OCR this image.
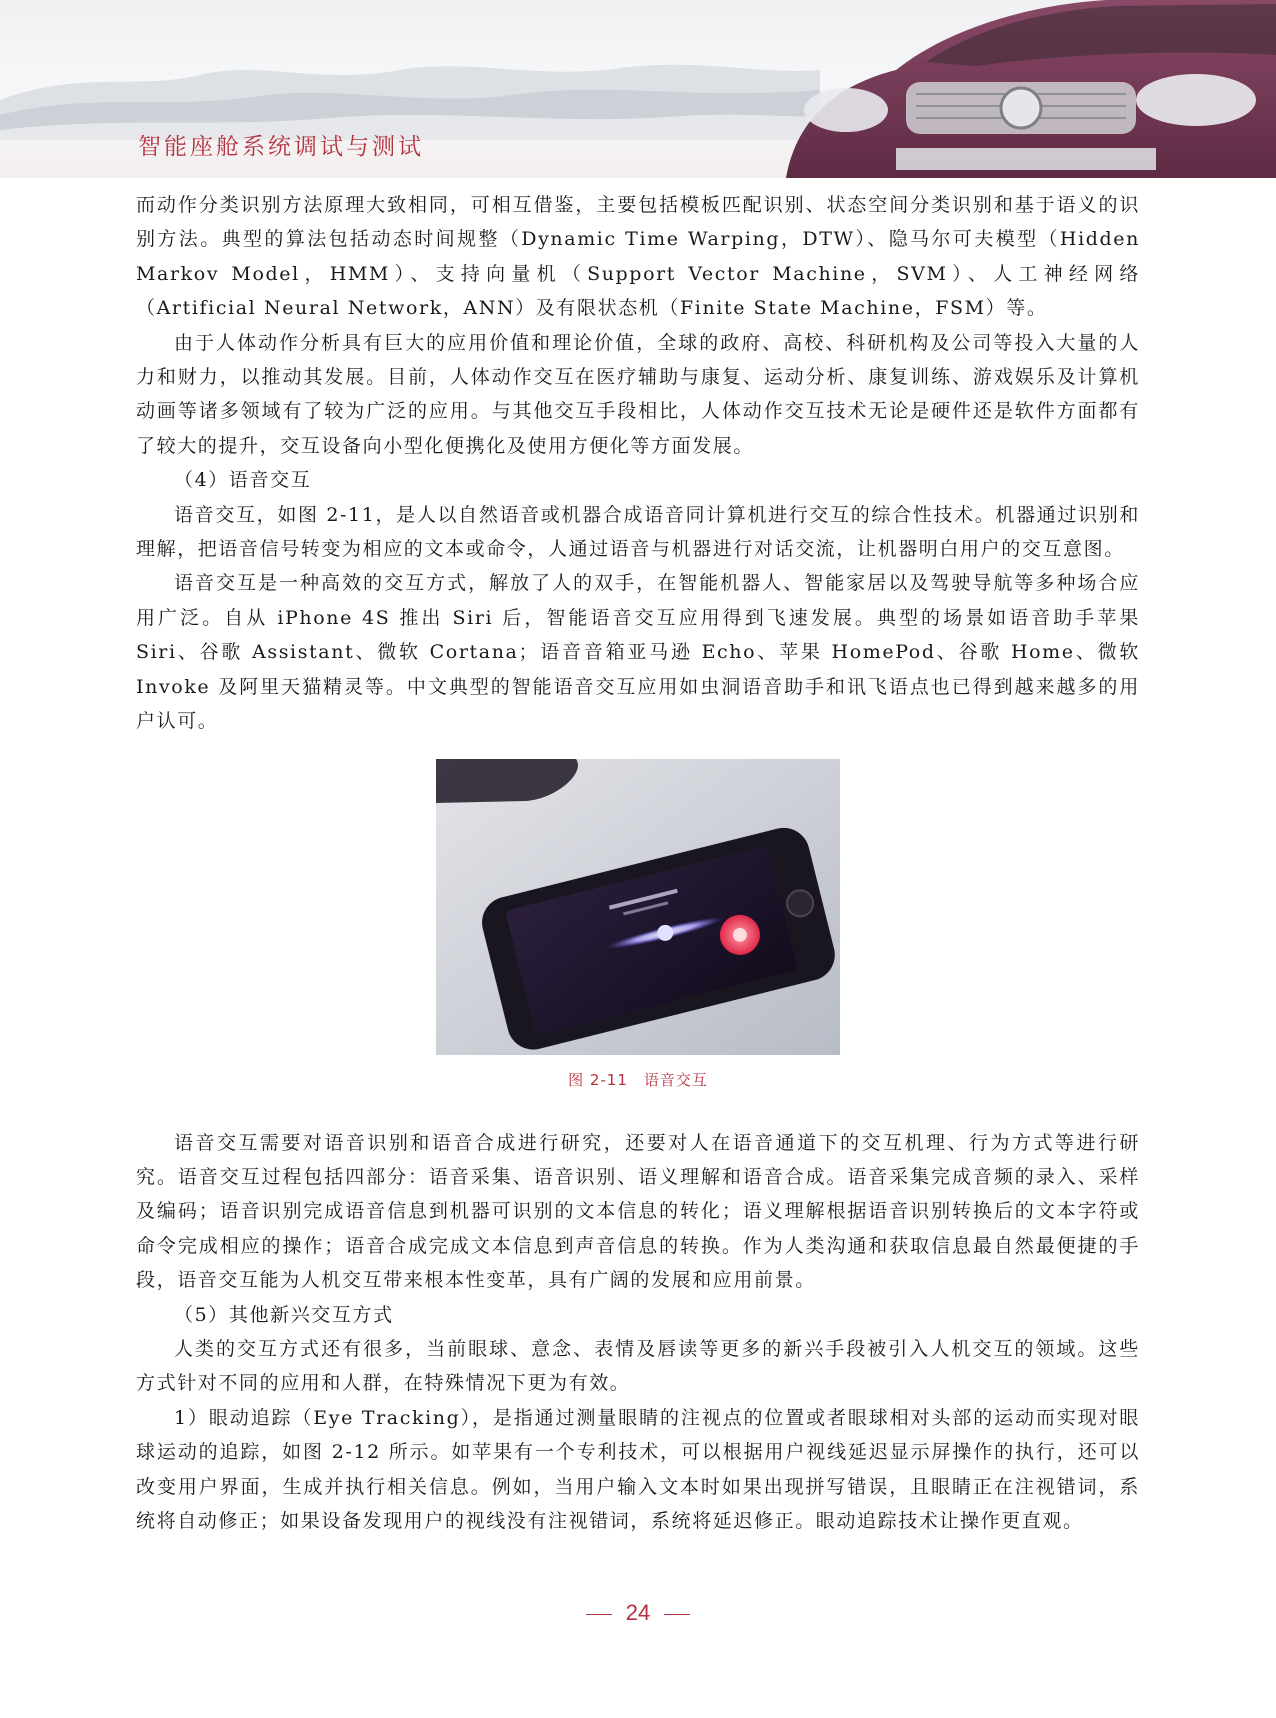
智能座舱系统调试与测试

而动作分类识别方法原理大致相同，可相互借鉴，主要包括模板匹配识别、状态空间分类识别和基于语义的识别方法。典型的算法包括动态时间规整（Dynamic Time Warping，DTW）、隐马尔可夫模型（Hidden Markov Model，HMM）、支持向量机（Support Vector Machine，SVM）、人工神经网络（Artificial Neural Network，ANN）及有限状态机（Finite State Machine，FSM）等。

由于人体动作分析具有巨大的应用价值和理论价值，全球的政府、高校、科研机构及公司等投入大量的人力和财力，以推动其发展。目前，人体动作交互在医疗辅助与康复、运动分析、康复训练、游戏娱乐及计算机动画等诸多领域有了较为广泛的应用。与其他交互手段相比，人体动作交互技术无论是硬件还是软件方面都有了较大的提升，交互设备向小型化便携化及使用方便化等方面发展。

（4）语音交互

语音交互，如图 2-11，是人以自然语音或机器合成语音同计算机进行交互的综合性技术。机器通过识别和理解，把语音信号转变为相应的文本或命令，人通过语音与机器进行对话交流，让机器明白用户的交互意图。

语音交互是一种高效的交互方式，解放了人的双手，在智能机器人、智能家居以及驾驶导航等多种场合应用广泛。自从 iPhone 4S 推出 Siri 后，智能语音交互应用得到飞速发展。典型的场景如语音助手苹果 Siri、谷歌 Assistant、微软 Cortana；语音音箱亚马逊 Echo、苹果 HomePod、谷歌 Home、微软 Invoke 及阿里天猫精灵等。中文典型的智能语音交互应用如虫洞语音助手和讯飞语点也已得到越来越多的用户认可。

图 2-11 语音交互

语音交互需要对语音识别和语音合成进行研究，还要对人在语音通道下的交互机理、行为方式等进行研究。语音交互过程包括四部分：语音采集、语音识别、语义理解和语音合成。语音采集完成音频的录入、采样及编码；语音识别完成语音信息到机器可识别的文本信息的转化；语义理解根据语音识别转换后的文本字符或命令完成相应的操作；语音合成完成文本信息到声音信息的转换。作为人类沟通和获取信息最自然最便捷的手段，语音交互能为人机交互带来根本性变革，具有广阔的发展和应用前景。

（5）其他新兴交互方式

人类的交互方式还有很多，当前眼球、意念、表情及唇读等更多的新兴手段被引入人机交互的领域。这些方式针对不同的应用和人群，在特殊情况下更为有效。

1）眼动追踪（Eye Tracking），是指通过测量眼睛的注视点的位置或者眼球相对头部的运动而实现对眼球运动的追踪，如图 2-12 所示。如苹果有一个专利技术，可以根据用户视线延迟显示屏操作的执行，还可以改变用户界面，生成并执行相关信息。例如，当用户输入文本时如果出现拼写错误，且眼睛正在注视错词，系统将自动修正；如果设备发现用户的视线没有注视错词，系统将延迟修正。眼动追踪技术让操作更直观。

24
